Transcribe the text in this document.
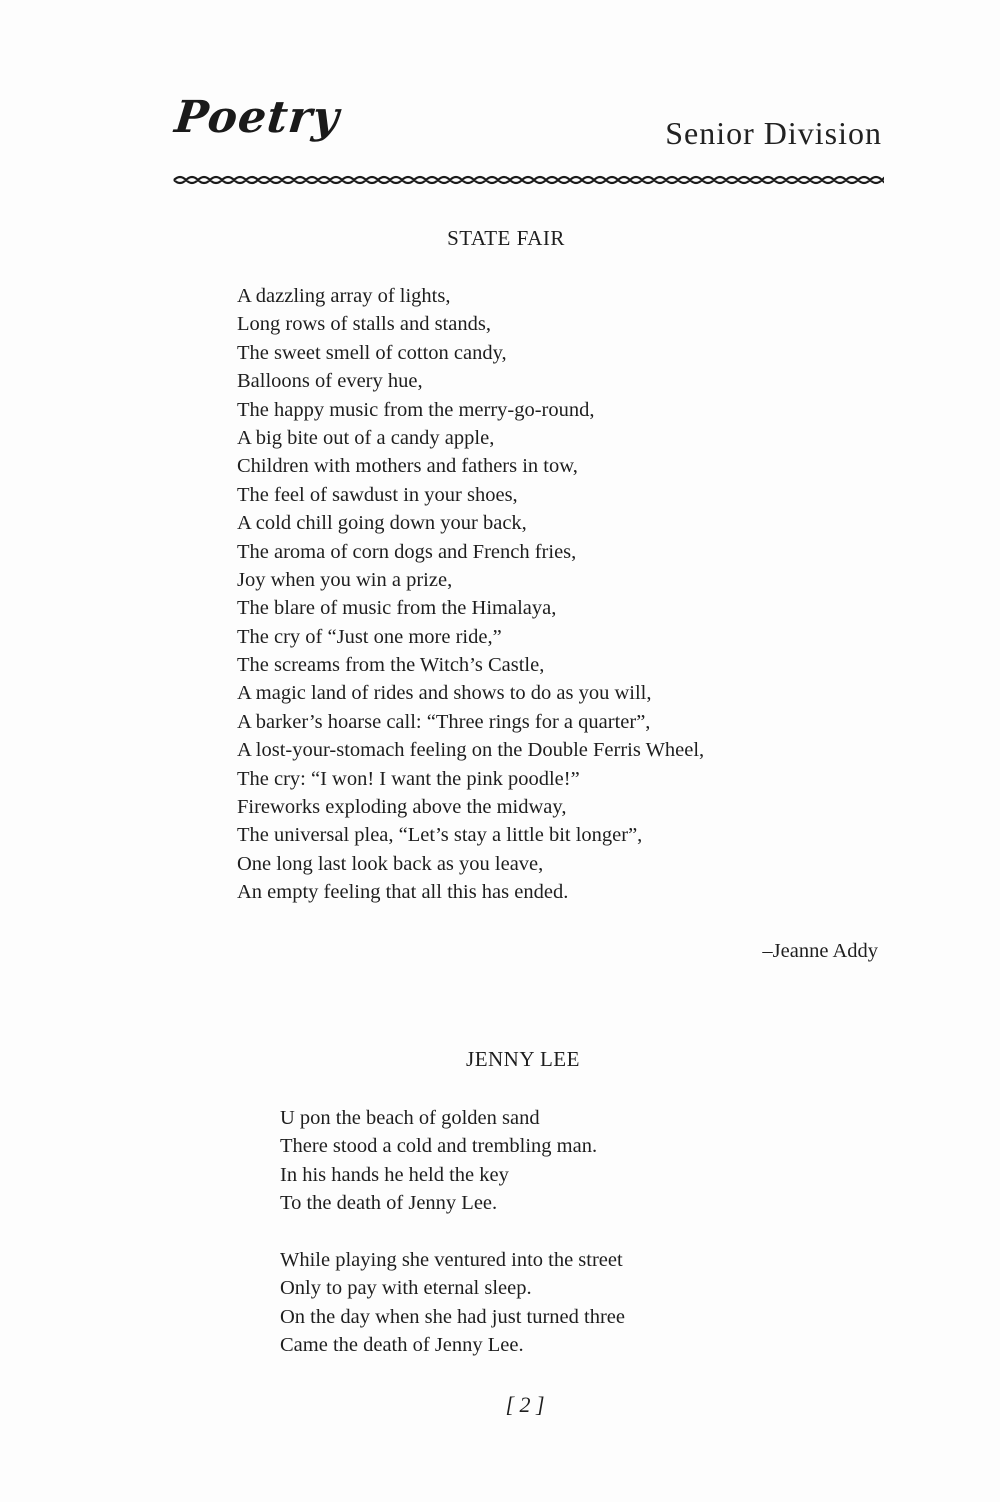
Poetry	Senior Division
STATE FAIR
A dazzling array of lights,
Long rows of stalls and stands,
The sweet smell of cotton candy,
Balloons of every hue,
The happy music from the merry-go-round,
A big bite out of a candy apple,
Children with mothers and fathers in tow,
The feel of sawdust in your shoes,
A cold chill going down your back,
The aroma of corn dogs and French fries,
Joy when you win a prize,
The blare of music from the Himalaya,
The cry of “Just one more ride,”
The screams from the Witch’s Castle,
A magic land of rides and shows to do as you will,
A barker’s hoarse call: “Three rings for a quarter”,
A lost-your-stomach feeling on the Double Ferris Wheel,
The cry: “I won! I want the pink poodle!”
Fireworks exploding above the midway,
The universal plea, “Let’s stay a little bit longer”,
One long last look back as you leave,
An empty feeling that all this has ended.
–Jeanne Addy
JENNY LEE
U pon the beach of golden sand
There stood a cold and trembling man.
In his hands he held the key
To the death of Jenny Lee.
While playing she ventured into the street
Only to pay with eternal sleep.
On the day when she had just turned three
Came the death of Jenny Lee.
[ 2 ]
